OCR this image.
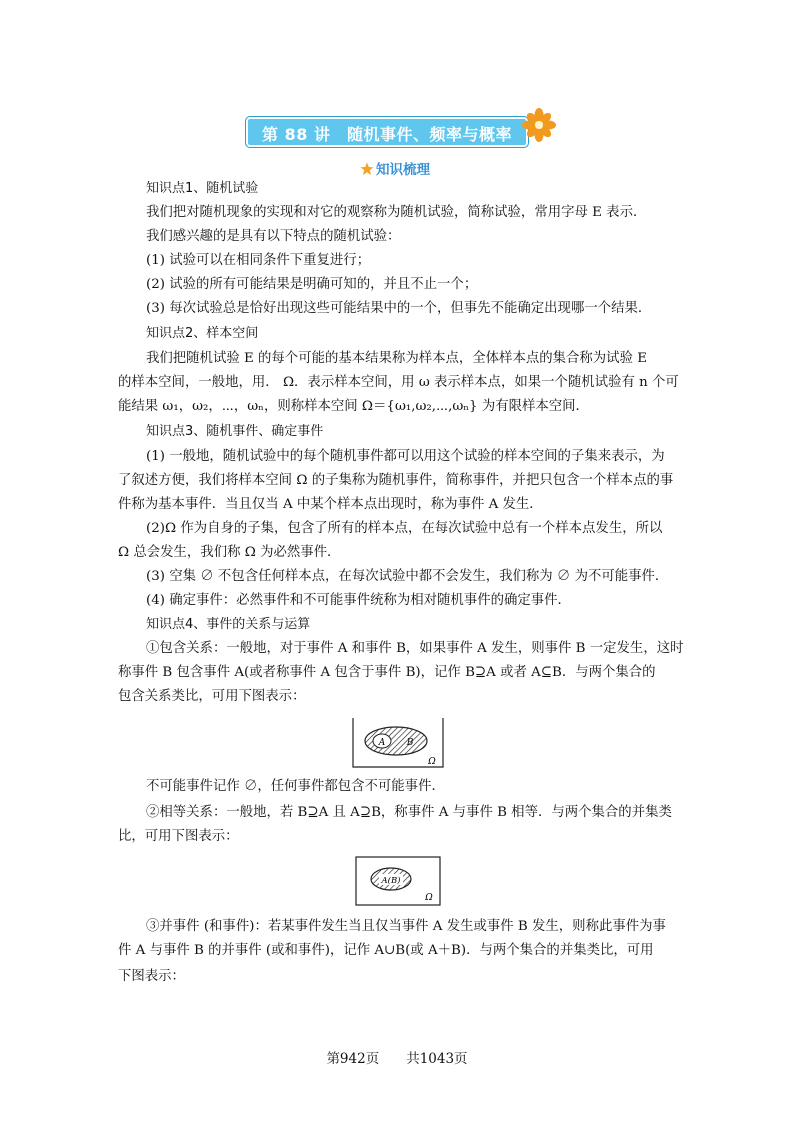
第 88 讲　随机事件、频率与概率
知识梳理
知识点1、随机试验
我们把对随机现象的实现和对它的观察称为随机试验，简称试验，常用字母 E 表示．
我们感兴趣的是具有以下特点的随机试验：
(1) 试验可以在相同条件下重复进行；
(2) 试验的所有可能结果是明确可知的，并且不止一个；
(3) 每次试验总是恰好出现这些可能结果中的一个，但事先不能确定出现哪一个结果．
知识点2、样本空间
我们把随机试验 E 的每个可能的基本结果称为样本点，全体样本点的集合称为试验 E
的样本空间，一般地，用． Ω．表示样本空间，用 ω 表示样本点，如果一个随机试验有 n 个可
能结果 ω₁，ω₂，⋯，ωₙ，则称样本空间 Ω＝{ω₁,ω₂,⋯,ωₙ} 为有限样本空间．
知识点3、随机事件、确定事件
(1) 一般地，随机试验中的每个随机事件都可以用这个试验的样本空间的子集来表示，为
了叙述方便，我们将样本空间 Ω 的子集称为随机事件，简称事件，并把只包含一个样本点的事
件称为基本事件．当且仅当 A 中某个样本点出现时，称为事件 A 发生．
(2)Ω 作为自身的子集，包含了所有的样本点，在每次试验中总有一个样本点发生，所以
Ω 总会发生，我们称 Ω 为必然事件．
(3) 空集 ∅ 不包含任何样本点，在每次试验中都不会发生，我们称为 ∅ 为不可能事件．
(4) 确定事件：必然事件和不可能事件统称为相对随机事件的确定事件．
知识点4、事件的关系与运算
①包含关系：一般地，对于事件 A 和事件 B，如果事件 A 发生，则事件 B 一定发生，这时
称事件 B 包含事件 A(或者称事件 A 包含于事件 B)，记作 B⊇A 或者 A⊆B．与两个集合的
包含关系类比，可用下图表示：
A B
Ω
不可能事件记作 ∅，任何事件都包含不可能事件．
②相等关系：一般地，若 B⊇A 且 A⊇B，称事件 A 与事件 B 相等．与两个集合的并集类
比，可用下图表示：
A(B)
Ω
③并事件 (和事件)：若某事件发生当且仅当事件 A 发生或事件 B 发生，则称此事件为事
件 A 与事件 B 的并事件 (或和事件)，记作 A∪B(或 A＋B)．与两个集合的并集类比，可用
下图表示：
第942页　　共1043页
